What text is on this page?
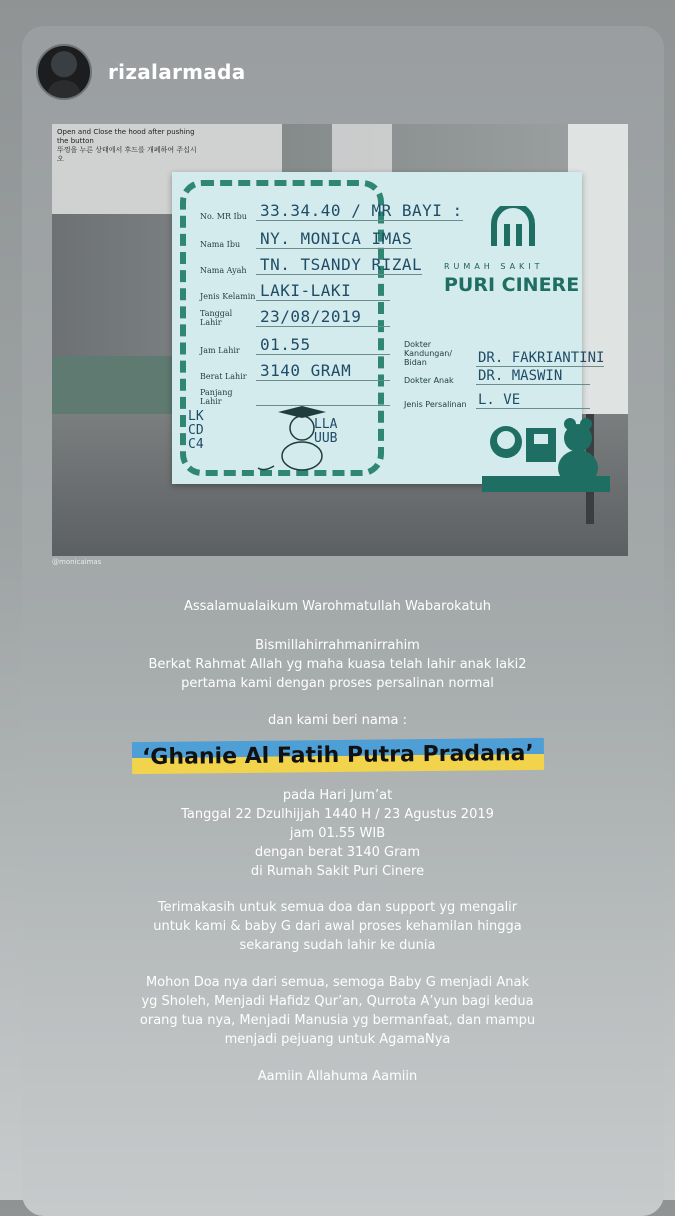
rizalarmada
Open and Close the hood after pushing the button
뚜껑을 누른 상태에서 후드를 개폐하여 주십시오
No. MR Ibu 33.34.40 / MR BAYI :
Nama Ibu	NY. MONICA IMAS
Nama Ayah TN. TSANDY RIZAL
Jenis Kelamin LAKI-LAKI
Tanggal Lahir	23/08/2019
Jam Lahir	01.55
Berat Lahir 3140 GRAM
Panjang Lahir
LK CD C4
LLA UUB
RUMAH SAKIT
PURI CINERE
Dokter Kandungan/ Bidan	DR. FAKRIANTINI
Dokter Anak	DR. MASWIN
Jenis Persalinan L. VE
@monicaimas
Assalamualaikum Warohmatullah Wabarokatuh
Bismillahirrahmanirrahim
Berkat Rahmat Allah yg maha kuasa telah lahir anak laki2
pertama kami dengan proses persalinan normal
dan kami beri nama :
‘Ghanie Al Fatih Putra Pradana’
pada Hari Jum’at
Tanggal 22 Dzulhijjah 1440 H / 23 Agustus 2019
jam 01.55 WIB
dengan berat 3140 Gram
di Rumah Sakit Puri Cinere
Terimakasih untuk semua doa dan support yg mengalir
untuk kami & baby G dari awal proses kehamilan hingga
sekarang sudah lahir ke dunia
Mohon Doa nya dari semua, semoga Baby G menjadi Anak
yg Sholeh, Menjadi Hafidz Qur’an, Qurrota A’yun bagi kedua
orang tua nya, Menjadi Manusia yg bermanfaat, dan mampu
menjadi pejuang untuk AgamaNya
Aamiin Allahuma Aamiin
